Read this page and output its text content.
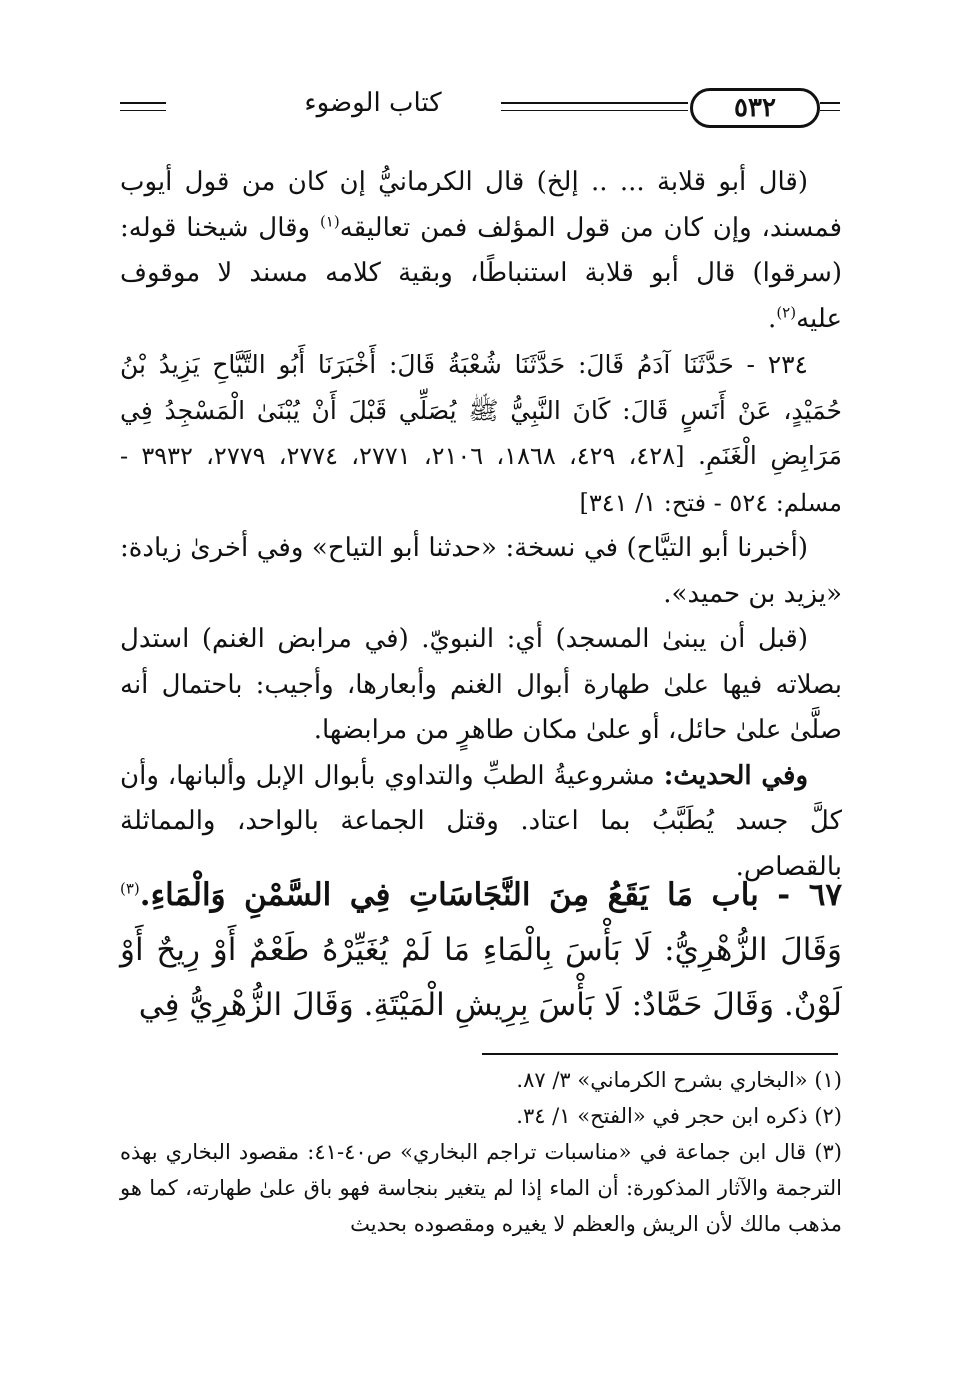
كتاب الوضوء	٥٣٢

(قال أبو قلابة ... .. إلخ) قال الكرمانيُّ إن كان من قول أيوب فمسند، وإن كان من قول المؤلف فمن تعاليقه$^{(١)}$ وقال شيخنا قوله: (سرقوا) قال أبو قلابة استنباطًا، وبقية كلامه مسند لا موقوف عليه$^{(٢)}$.

٢٣٤ - حَدَّثَنَا آدَمُ قَالَ: حَدَّثَنَا شُعْبَةُ قَالَ: أَخْبَرَنَا أَبُو التَّيَّاحِ يَزِيدُ بْنُ حُمَيْدٍ، عَنْ أَنَسٍ قَالَ: كَانَ النَّبِيُّ ﷺ يُصَلِّي قَبْلَ أَنْ يُبْنَىٰ الْمَسْجِدُ فِي مَرَابِضِ الْغَنَمِ. [٤٢٨، ٤٢٩، ١٨٦٨، ٢١٠٦، ٢٧٧١، ٢٧٧٤، ٢٧٧٩، ٣٩٣٢ - مسلم: ٥٢٤ - فتح: ١/ ٣٤١]

(أخبرنا أبو التيَّاح) في نسخة: «حدثنا أبو التياح» وفي أخرىٰ زيادة: «يزيد بن حميد».

(قبل أن يبنىٰ المسجد) أي: النبويّ. (في مرابض الغنم) استدل بصلاته فيها علىٰ طهارة أبوال الغنم وأبعارها، وأجيب: باحتمال أنه صلَّىٰ علىٰ حائل، أو علىٰ مكان طاهرٍ من مرابضها.

وفي الحديث: مشروعيةُ الطبِّ والتداوي بأبوال الإبل وألبانها، وأن كلَّ جسد يُطَبَّبُ بما اعتاد. وقتل الجماعة بالواحد، والمماثلة بالقصاص.

٦٧ - باب مَا يَقَعُ مِنَ النَّجَاسَاتِ فِي السَّمْنِ وَالْمَاءِ.$^{(٣)}$ وَقَالَ الزُّهْرِيُّ: لَا بَأْسَ بِالْمَاءِ مَا لَمْ يُغَيِّرْهُ طَعْمٌ أَوْ رِيحٌ أَوْ لَوْنٌ. وَقَالَ حَمَّادٌ: لَا بَأْسَ بِرِيشِ الْمَيْتَةِ. وَقَالَ الزُّهْرِيُّ فِي

(١) «البخاري بشرح الكرماني» ٣/ ٨٧.

(٢) ذكره ابن حجر في «الفتح» ١/ ٣٤.

(٣) قال ابن جماعة في «مناسبات تراجم البخاري» ص٤٠-٤١: مقصود البخاري بهذه الترجمة والآثار المذكورة: أن الماء إذا لم يتغير بنجاسة فهو باق علىٰ طهارته، كما هو مذهب مالك لأن الريش والعظم لا يغيره ومقصوده بحديث
